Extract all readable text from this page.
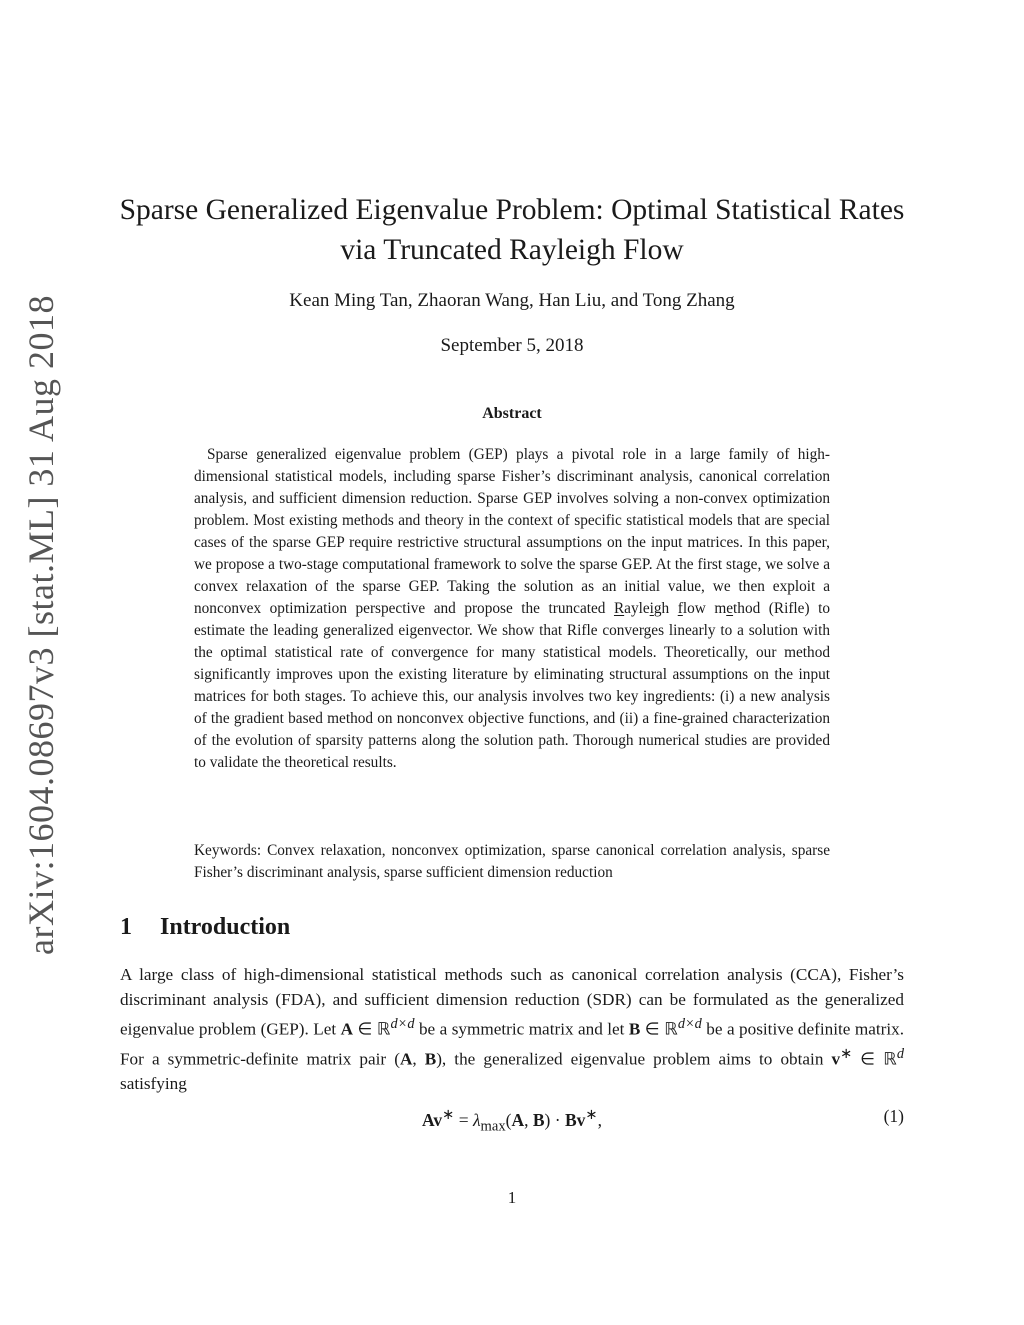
arXiv:1604.08697v3 [stat.ML] 31 Aug 2018
Sparse Generalized Eigenvalue Problem: Optimal Statistical Rates
via Truncated Rayleigh Flow
Kean Ming Tan, Zhaoran Wang, Han Liu, and Tong Zhang
September 5, 2018
Abstract

Sparse generalized eigenvalue problem (GEP) plays a pivotal role in a large family of high-dimensional statistical models, including sparse Fisher’s discriminant analysis, canonical correlation analysis, and sufficient dimension reduction. Sparse GEP involves solving a non-convex optimization problem. Most existing methods and theory in the context of specific statistical models that are special cases of the sparse GEP require restrictive structural assumptions on the input matrices. In this paper, we propose a two-stage computational framework to solve the sparse GEP. At the first stage, we solve a convex relaxation of the sparse GEP. Taking the solution as an initial value, we then exploit a nonconvex optimization perspective and propose the truncated Rayleigh flow method (Rifle) to estimate the leading generalized eigenvector. We show that Rifle converges linearly to a solution with the optimal statistical rate of convergence for many statistical models. Theoretically, our method significantly improves upon the existing literature by eliminating structural assumptions on the input matrices for both stages. To achieve this, our analysis involves two key ingredients: (i) a new analysis of the gradient based method on nonconvex objective functions, and (ii) a fine-grained characterization of the evolution of sparsity patterns along the solution path. Thorough numerical studies are provided to validate the theoretical results.

Keywords: Convex relaxation, nonconvex optimization, sparse canonical correlation analysis, sparse Fisher’s discriminant analysis, sparse sufficient dimension reduction

1 Introduction

A large class of high-dimensional statistical methods such as canonical correlation analysis (CCA), Fisher’s discriminant analysis (FDA), and sufficient dimension reduction (SDR) can be formulated as the generalized eigenvalue problem (GEP). Let A ∈ ℝ$^{d\times d}$ be a symmetric matrix and let B ∈ ℝ$^{d\times d}$ be a positive definite matrix. For a symmetric-definite matrix pair (A, B), the generalized eigenvalue problem aims to obtain v∗ ∈ ℝ$^d$ satisfying

$Av^∗ = \lambda_{max}(A$, B) · Bv∗,	(1)
1
